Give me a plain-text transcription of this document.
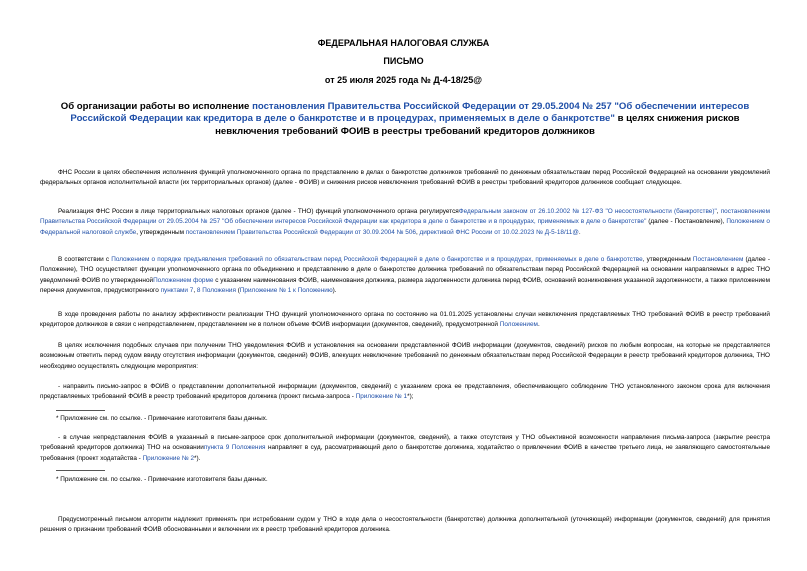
ФЕДЕРАЛЬНАЯ НАЛОГОВАЯ СЛУЖБА
ПИСЬМО
от 25 июля 2025 года № Д-4-18/25@
Об организации работы во исполнение постановления Правительства Российской Федерации от 29.05.2004 № 257 "Об обеспечении интересов Российской Федерации как кредитора в деле о банкротстве и в процедурах, применяемых в деле о банкротстве" в целях снижения рисков невключения требований ФОИВ в реестры требований кредиторов должников
ФНС России в целях обеспечения исполнения функций уполномоченного органа по представлению в делах о банкротстве должников требований по денежным обязательствам перед Российской Федерацией на основании уведомлений федеральных органов исполнительной власти (их территориальных органов) (далее - ФОИВ) и снижения рисков невключения требований ФОИВ в реестры требований кредиторов должников сообщает следующее.
Реализация ФНС России в лице территориальных налоговых органов (далее - ТНО) функций уполномоченного органа регулируетсяФедеральным законом от 26.10.2002 № 127-ФЗ "О несостоятельности (банкротстве)", постановлением Правительства Российской Федерации от 29.05.2004 № 257 "Об обеспечении интересов Российской Федерации как кредитора в деле о банкротстве и в процедурах, применяемых в деле о банкротстве" (далее - Постановление), Положением о Федеральной налоговой службе, утвержденным постановлением Правительства Российской Федерации от 30.09.2004 № 506, директивой ФНС России от 10.02.2023 № Д-5-18/11@.
В соответствии с Положением о порядке предъявления требований по обязательствам перед Российской Федерацией в деле о банкротстве и в процедурах, применяемых в деле о банкротстве, утвержденным Постановлением (далее - Положение), ТНО осуществляет функции уполномоченного органа по объединению и представлению в деле о банкротстве должника требований по обязательствам перед Российской Федерацией на основании направляемых в адрес ТНО уведомлений ФОИВ по утвержденнойПоложением форме с указанием наименования ФОИВ, наименования должника, размера задолженности должника перед ФОИВ, оснований возникновения указанной задолженности, а также приложением перечня документов, предусмотренного пунктами 7, 8 Положения (Приложение № 1 к Положению).
В ходе проведения работы по анализу эффективности реализации ТНО функций уполномоченного органа по состоянию на 01.01.2025 установлены случаи невключения представляемых ТНО требований ФОИВ в реестр требований кредиторов должников в связи с непредставлением, представлением не в полном объеме ФОИВ информации (документов, сведений), предусмотренной Положением.
В целях исключения подобных случаев при получении ТНО уведомления ФОИВ и установления на основании представленной ФОИВ информации (документов, сведений) рисков по любым вопросам, на которые не представляется возможным ответить перед судом ввиду отсутствия информации (документов, сведений) ФОИВ, влекущих невключение требований по денежным обязательствам перед Российской Федерации в реестр требований кредиторов должника, ТНО необходимо осуществлять следующие мероприятия:
- направить письмо-запрос в ФОИВ о представлении дополнительной информации (документов, сведений) с указанием срока ее представления, обеспечивающего соблюдение ТНО установленного законом срока для включения представляемых требований ФОИВ в реестр требований кредиторов должника (проект письма-запроса - Приложение № 1*);
* Приложение см. по ссылке. - Примечание изготовителя базы данных.
- в случае непредставления ФОИВ в указанный в письме-запросе срок дополнительной информации (документов, сведений), а также отсутствия у ТНО объективной возможности направления письма-запроса (закрытие реестра требований кредиторов должника) ТНО на основаниипункта 9 Положения направляет в суд, рассматривающий дело о банкротстве должника, ходатайство о привлечении ФОИВ в качестве третьего лица, не заявляющего самостоятельные требования (проект ходатайства - Приложение № 2*).
* Приложение см. по ссылке. - Примечание изготовителя базы данных.
Предусмотренный письмом алгоритм надлежит применять при истребовании судом у ТНО в ходе дела о несостоятельности (банкротстве) должника дополнительной (уточняющей) информации (документов, сведений) для принятия решения о признании требований ФОИВ обоснованными и включении их в реестр требований кредиторов должника.
